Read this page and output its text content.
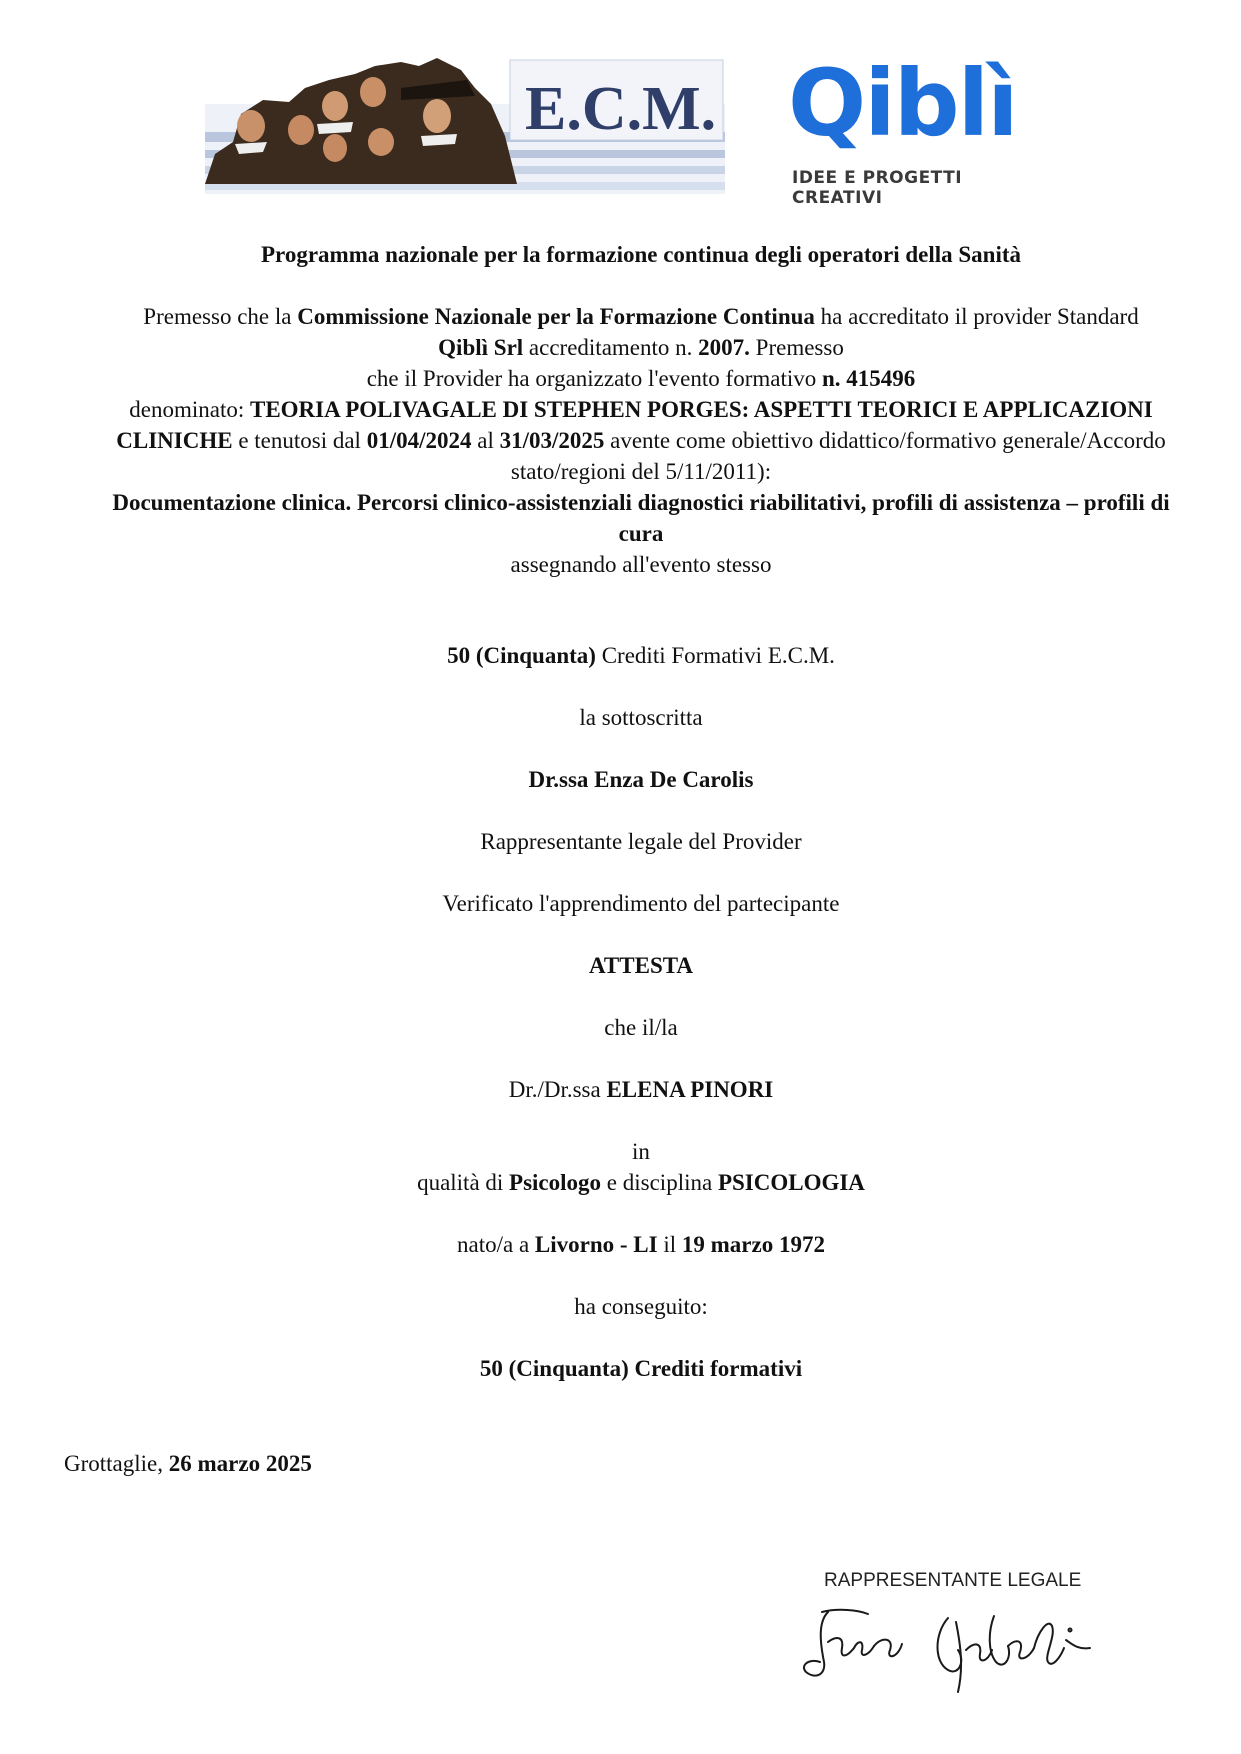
E.C.M. Qiblì
IDEE E PROGETTI CREATIVI
Programma nazionale per la formazione continua degli operatori della Sanità
Premesso che la Commissione Nazionale per la Formazione Continua ha accreditato il provider Standard
Qiblì Srl accreditamento n. 2007. Premesso
che il Provider ha organizzato l'evento formativo n. 415496
denominato: TEORIA POLIVAGALE DI STEPHEN PORGES: ASPETTI TEORICI E APPLICAZIONI
CLINICHE e tenutosi dal 01/04/2024 al 31/03/2025 avente come obiettivo didattico/formativo generale/Accordo
stato/regioni del 5/11/2011):
Documentazione clinica. Percorsi clinico-assistenziali diagnostici riabilitativi, profili di assistenza – profili di
cura
assegnando all'evento stesso
50 (Cinquanta) Crediti Formativi E.C.M.
la sottoscritta
Dr.ssa Enza De Carolis
Rappresentante legale del Provider
Verificato l'apprendimento del partecipante
ATTESTA
che il/la
Dr./Dr.ssa ELENA PINORI
in
qualità di Psicologo e disciplina PSICOLOGIA
nato/a a Livorno - LI il 19 marzo 1972
ha conseguito:
50 (Cinquanta) Crediti formativi
Grottaglie, 26 marzo 2025
RAPPRESENTANTE LEGALE
